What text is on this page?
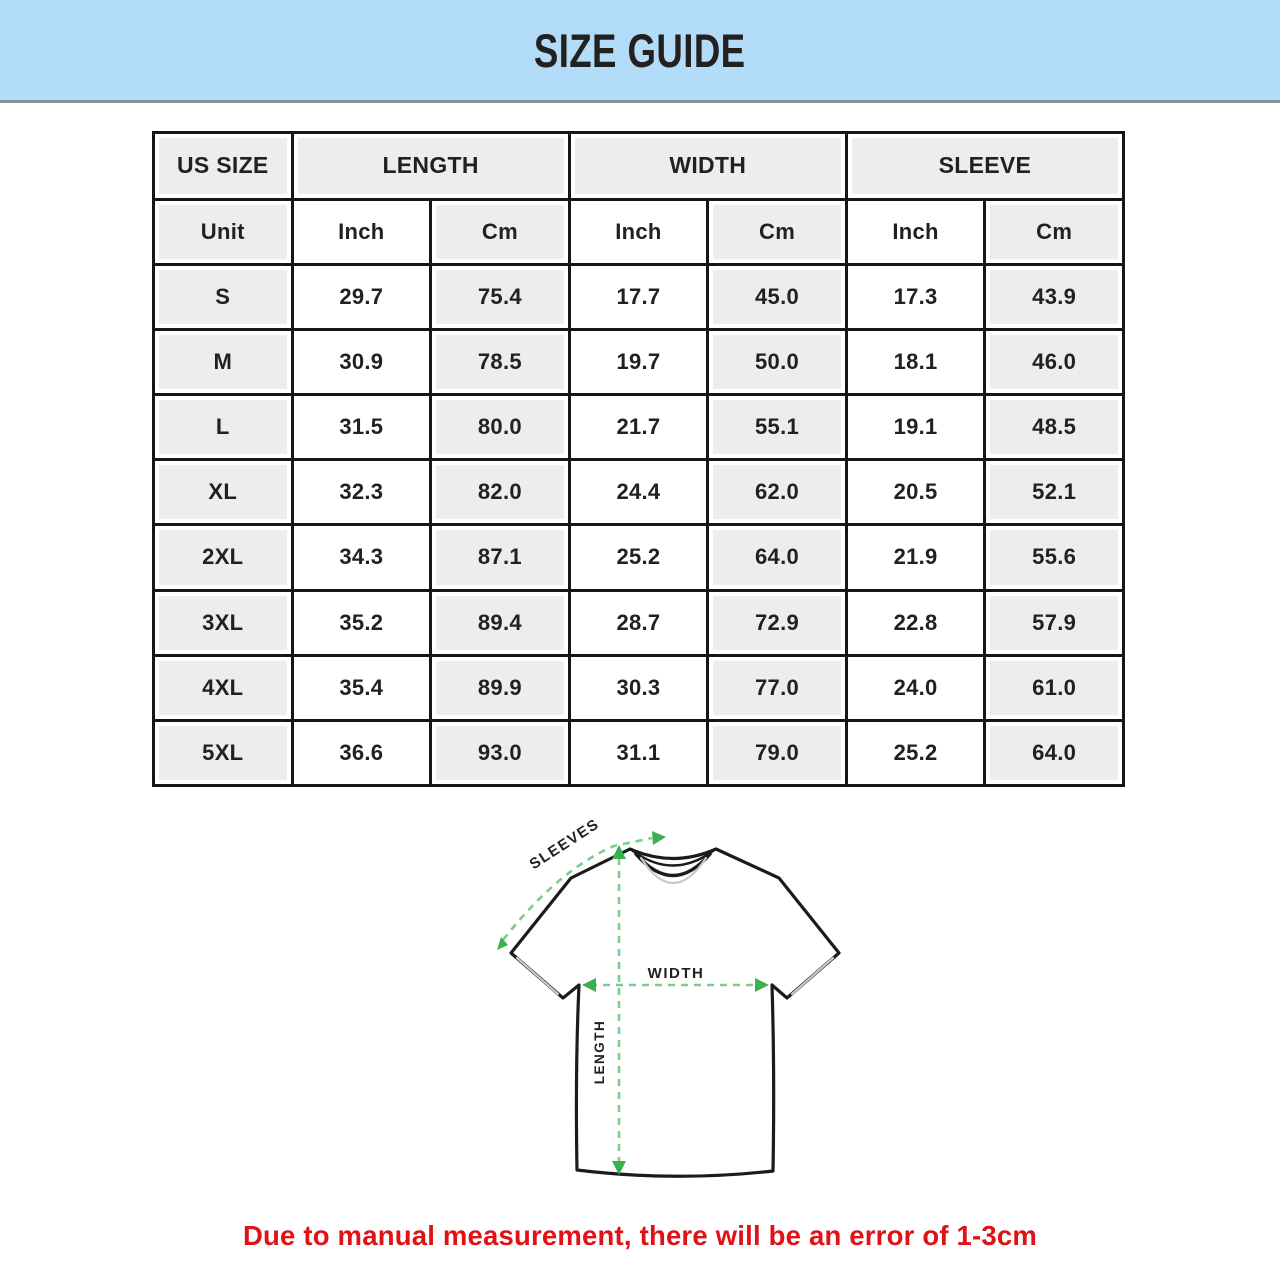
SIZE GUIDE
US SIZE	LENGTH		WIDTH		SLEEVE	

Unit	Inch	Cm	Inch	Cm	Inch	Cm

S	29.7	75.4	17.7	45.0	17.3	43.9

M	30.9	78.5	19.7	50.0	18.1	46.0

L	31.5	80.0	21.7	55.1	19.1	48.5

XL	32.3	82.0	24.4	62.0	20.5	52.1

2XL	34.3	87.1	25.2	64.0	21.9	55.6

3XL	35.2	89.4	28.7	72.9	22.8	57.9

4XL	35.4	89.9	30.3	77.0	24.0	61.0

5XL	36.6	93.0	31.1	79.0	25.2	64.0
WIDTH
LENGTH
SLEEVES
Due to manual measurement, there will be an error of 1-3cm
